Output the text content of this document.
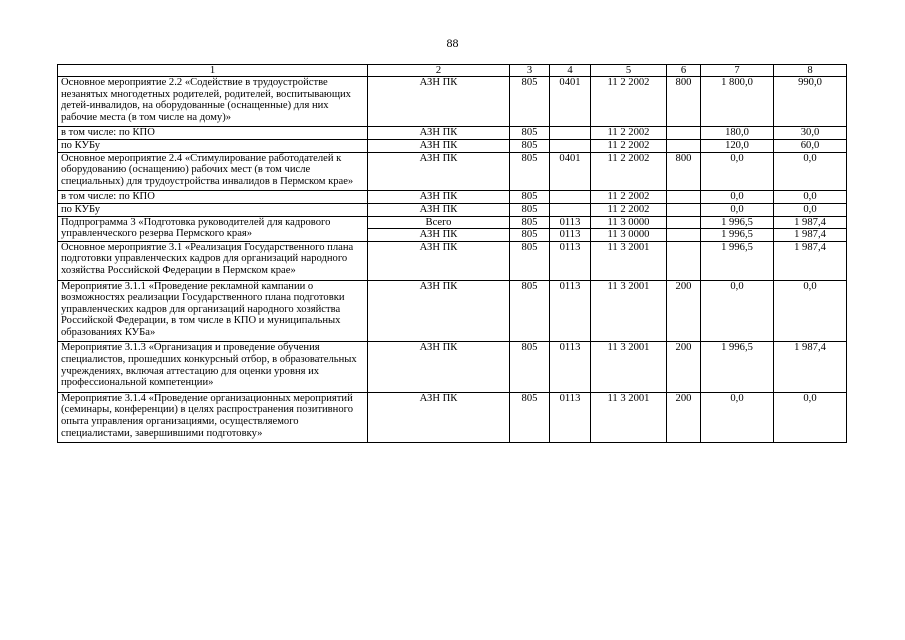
88
1	2	3	4	5	6	7	8
Основное мероприятие 2.2 «Содействие в трудоустройстве незанятых многодетных родителей, родителей, воспитывающих детей-инвалидов, на оборудованные (оснащенные) для них рабочие места (в том числе на дому)»	АЗН ПК	805	0401	11 2 2002	800	1 800,0	990,0
в том числе: по КПО	АЗН ПК	805		11 2 2002		180,0	30,0
по КУБу	АЗН ПК	805		11 2 2002		120,0	60,0
Основное мероприятие 2.4 «Стимулирование работодателей к оборудованию (оснащению) рабочих мест (в том числе специальных) для трудоустройства инвалидов в Пермском крае»	АЗН ПК	805	0401	11 2 2002	800	0,0	0,0
в том числе: по КПО	АЗН ПК	805		11 2 2002		0,0	0,0
по КУБу	АЗН ПК	805		11 2 2002		0,0	0,0
Подпрограмма 3 «Подготовка руководителей для кадрового управленческого резерва Пермского края»	Всего	805	0113	11 3 0000		1 996,5	1 987,4
	АЗН ПК	805	0113	11 3 0000		1 996,5	1 987,4
Основное мероприятие 3.1 «Реализация Государственного плана подготовки управленческих кадров для организаций народного хозяйства Российской Федерации в Пермском крае»	АЗН ПК	805	0113	11 3 2001		1 996,5	1 987,4
Мероприятие 3.1.1 «Проведение рекламной кампании о возможностях реализации Государственного плана подготовки управленческих кадров для организаций народного хозяйства Российской Федерации, в том числе в КПО и муниципальных образованиях КУБа»	АЗН ПК	805	0113	11 3 2001	200	0,0	0,0
Мероприятие 3.1.3 «Организация и проведение обучения специалистов, прошедших конкурсный отбор, в образовательных учреждениях, включая аттестацию для оценки уровня их профессиональной компетенции»	АЗН ПК	805	0113	11 3 2001	200	1 996,5	1 987,4
Мероприятие 3.1.4 «Проведение организационных мероприятий (семинары, конференции) в целях распространения позитивного опыта управления организациями, осуществляемого специалистами, завершившими подготовку»	АЗН ПК	805	0113	11 3 2001	200	0,0	0,0
